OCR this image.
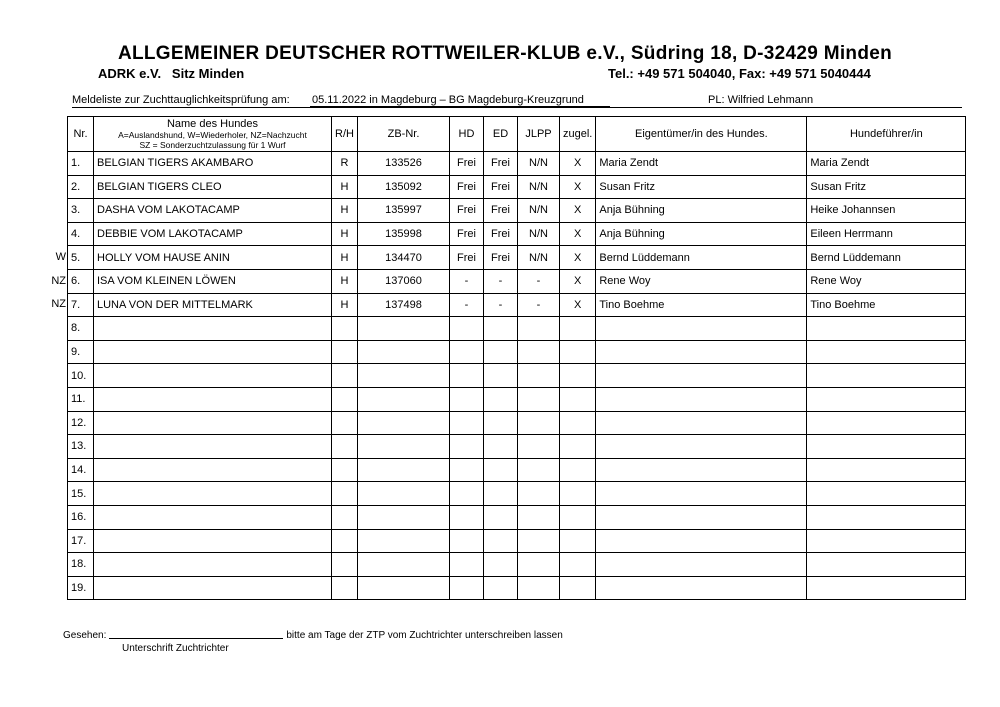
ALLGEMEINER DEUTSCHER ROTTWEILER-KLUB e.V., Südring 18, D-32429 Minden
ADRK e.V.   Sitz Minden	Tel.: +49 571 504040, Fax: +49 571 5040444
Meldeliste zur Zuchttauglichkeitsprüfung am: 05.11.2022 in Magdeburg – BG Magdeburg-Kreuzgrund	PL: Wilfried Lehmann
Nr.	Name des Hundes
A=Auslandshund, W=Wiederholer, NZ=Nachzucht
SZ = Sonderzuchtzulassung für 1 Wurf	R/H	ZB-Nr.	HD	ED	JLPP	zugel.	Eigentümer/in des Hundes.	Hundeführer/in
1.	BELGIAN TIGERS AKAMBARO	R	133526	Frei	Frei	N/N	X	Maria Zendt	Maria Zendt
2.	BELGIAN TIGERS CLEO	H	135092	Frei	Frei	N/N	X	Susan Fritz	Susan Fritz
3.	DASHA VOM LAKOTACAMP	H	135997	Frei	Frei	N/N	X	Anja Bühning	Heike Johannsen
4.	DEBBIE VOM LAKOTACAMP	H	135998	Frei	Frei	N/N	X	Anja Bühning	Eileen Herrmann
5.	HOLLY VOM HAUSE ANIN	H	134470	Frei	Frei	N/N	X	Bernd Lüddemann	Bernd Lüddemann
6.	ISA VOM KLEINEN LÖWEN	H	137060	-	-	-	X	Rene Woy	Rene Woy
7.	LUNA VON DER MITTELMARK	H	137498	-	-	-	X	Tino Boehme	Tino Boehme
8.									
9.									
10.									
11.									
12.									
13.									
14.									
15.									
16.									
17.									
18.									
19.									
W
NZ
NZ
Gesehen:	bitte am Tage der ZTP vom Zuchtrichter unterschreiben lassen
Unterschrift Zuchtrichter
